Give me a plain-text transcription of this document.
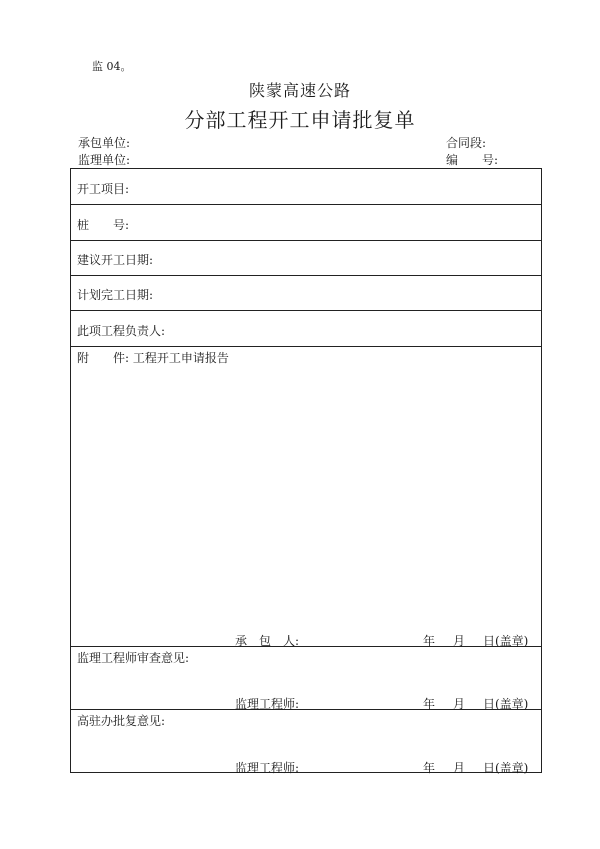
监 04。
陕蒙高速公路
分部工程开工申请批复单
承包单位:	合同段:
监理单位:	编　　号:
开工项目:
桩　　号:
建议开工日期:
计划完工日期:
此项工程负责人:
附　　件: 工程开工申请报告
承　包　人:	年 月 日(盖章)
监理工程师审查意见:
监理工程师:	年 月 日(盖章)
高驻办批复意见:
监理工程师:	年 月 日(盖章)
